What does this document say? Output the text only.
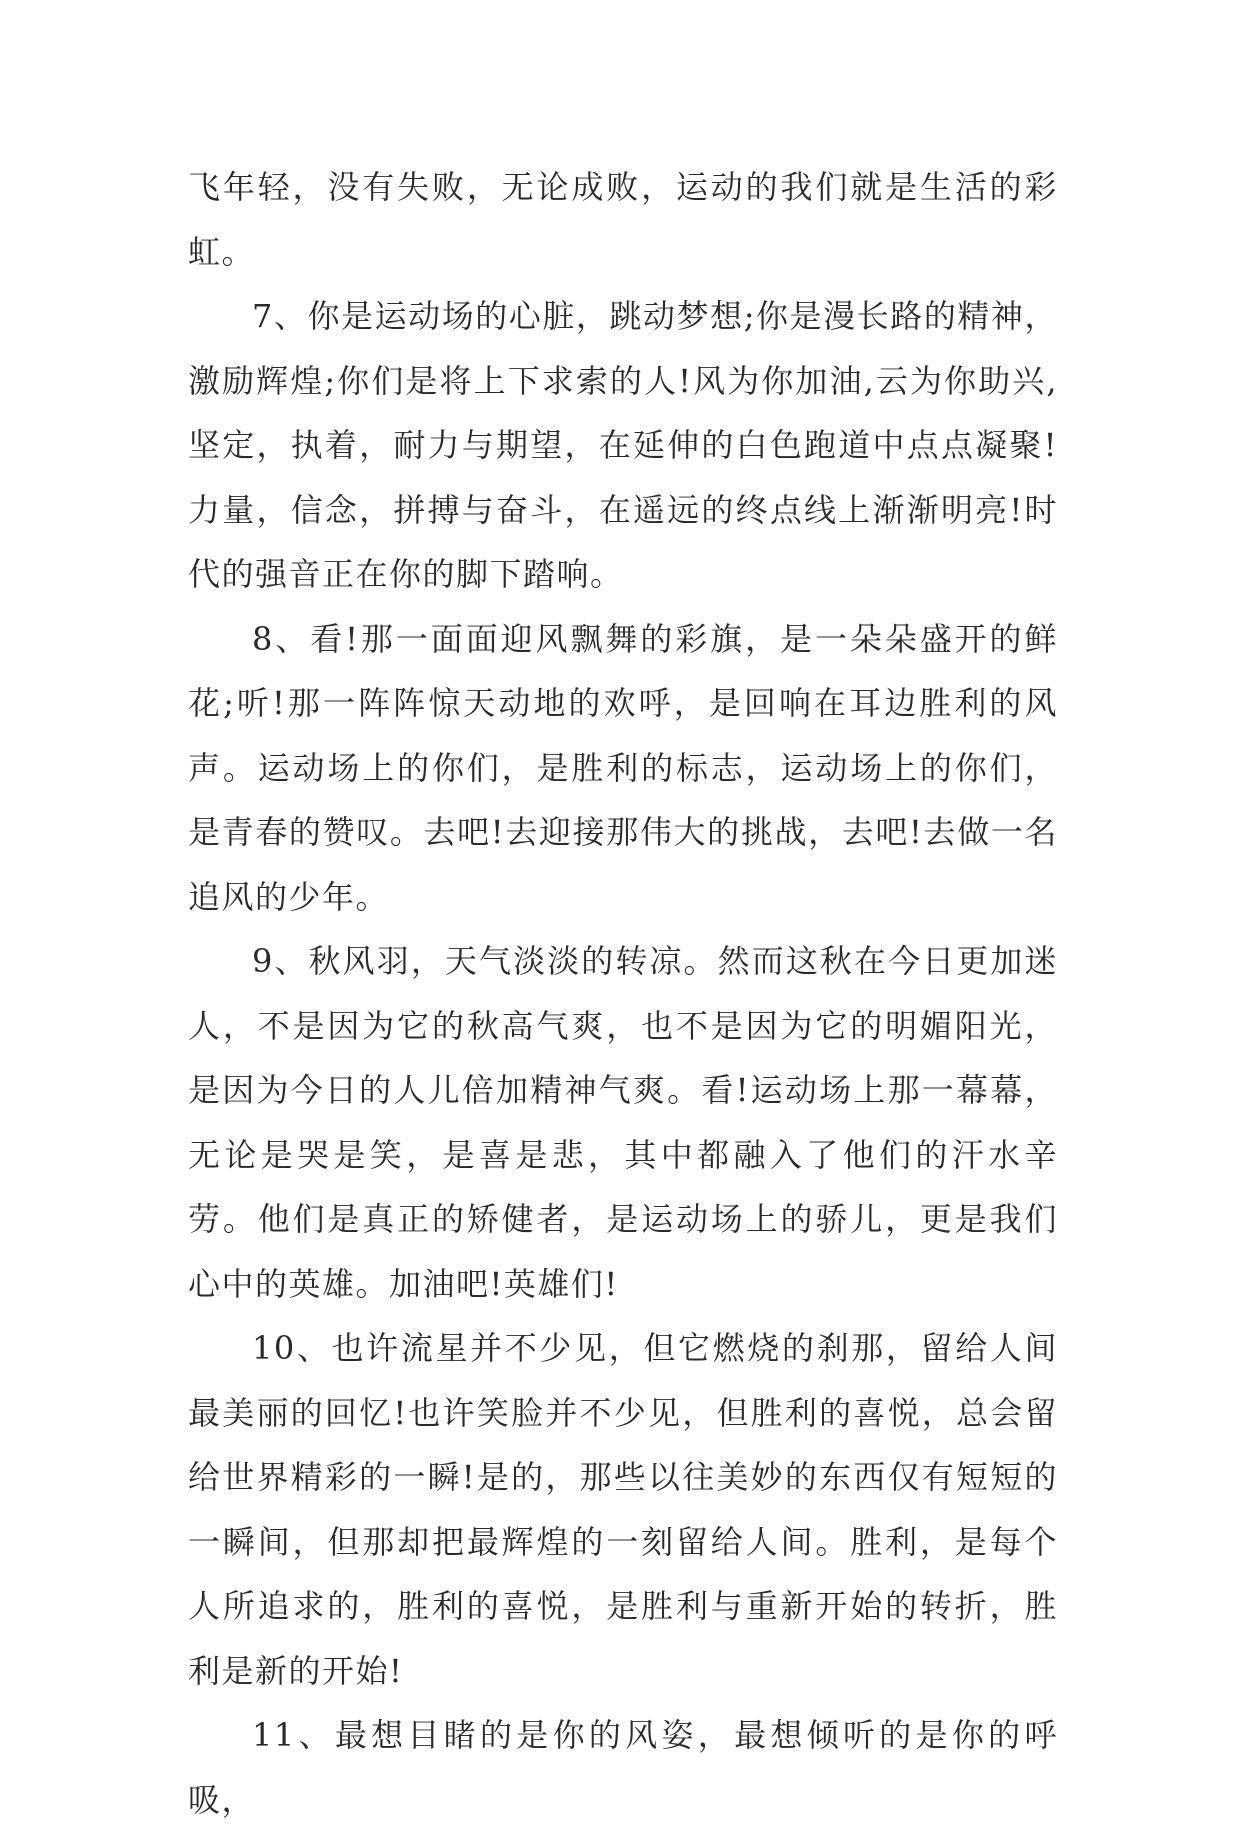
飞年轻，没有失败，无论成败，运动的我们就是生活的彩虹。

7、你是运动场的心脏，跳动梦想;你是漫长路的精神，激励辉煌;你们是将上下求索的人!风为你加油,云为你助兴,坚定，执着，耐力与期望，在延伸的白色跑道中点点凝聚!力量，信念，拼搏与奋斗，在遥远的终点线上渐渐明亮!时代的强音正在你的脚下踏响。

8、看!那一面面迎风飘舞的彩旗，是一朵朵盛开的鲜花;听!那一阵阵惊天动地的欢呼，是回响在耳边胜利的风声。运动场上的你们，是胜利的标志，运动场上的你们，是青春的赞叹。去吧!去迎接那伟大的挑战，去吧!去做一名追风的少年。

9、秋风羽，天气淡淡的转凉。然而这秋在今日更加迷人，不是因为它的秋高气爽，也不是因为它的明媚阳光，是因为今日的人儿倍加精神气爽。看!运动场上那一幕幕，无论是哭是笑，是喜是悲，其中都融入了他们的汗水辛劳。他们是真正的矫健者，是运动场上的骄儿，更是我们心中的英雄。加油吧!英雄们!

10、也许流星并不少见，但它燃烧的刹那，留给人间最美丽的回忆!也许笑脸并不少见，但胜利的喜悦，总会留给世界精彩的一瞬!是的，那些以往美妙的东西仅有短短的一瞬间，但那却把最辉煌的一刻留给人间。胜利，是每个人所追求的，胜利的喜悦，是胜利与重新开始的转折，胜利是新的开始!

11、最想目睹的是你的风姿，最想倾听的是你的呼吸，
